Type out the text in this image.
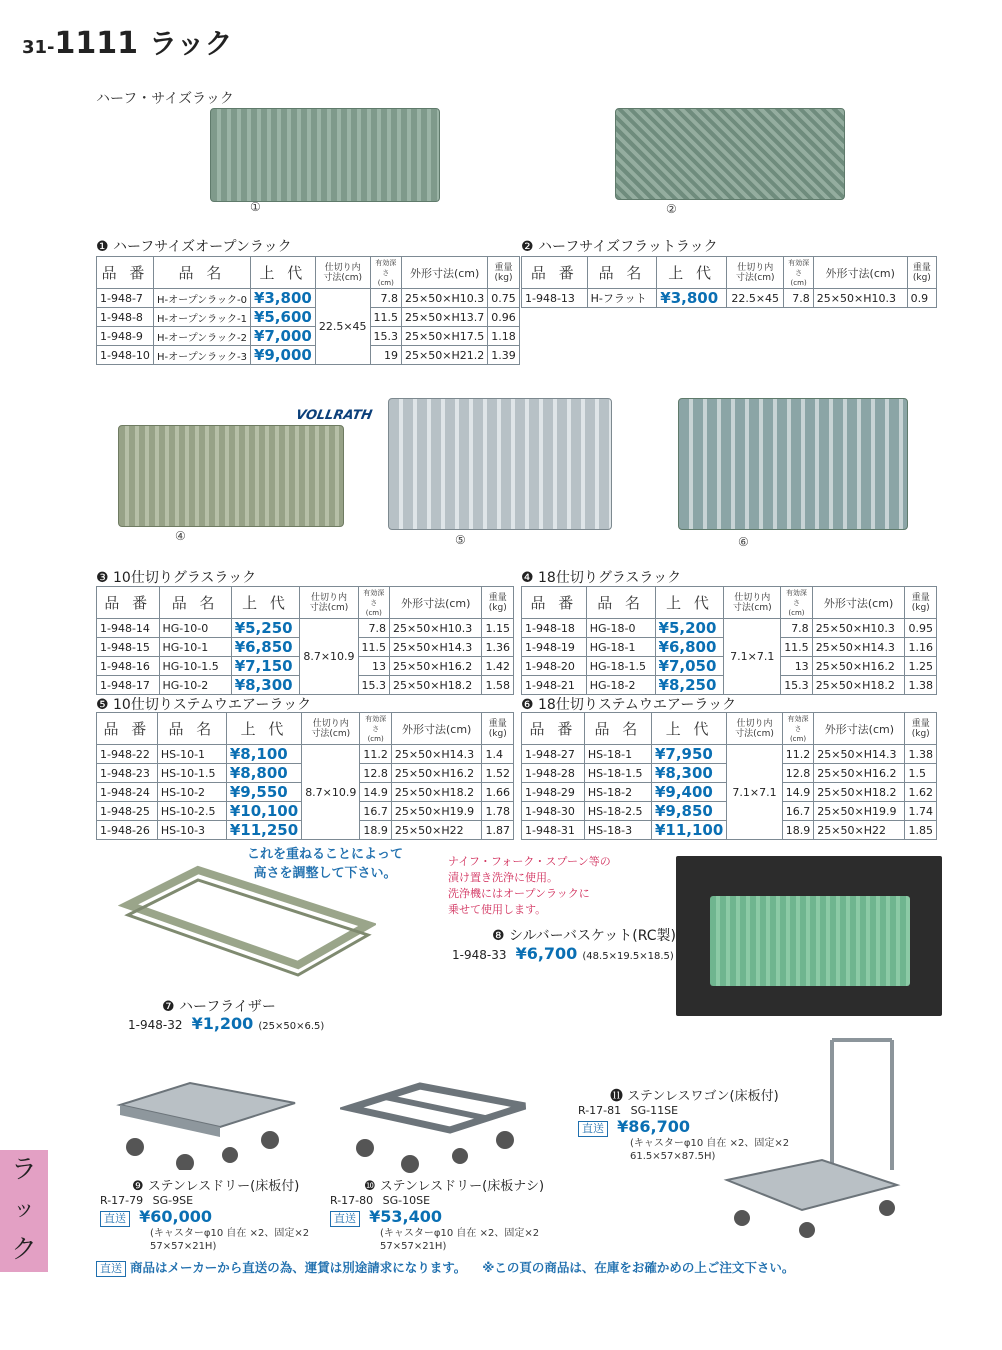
31-1111 ラック
ハーフ・サイズラック
①	②
❶ ハーフサイズオープンラック
品 番	品 名	上 代	仕切り内
寸法(cm)	有効深さ
(cm)	外形寸法(cm)	重量
(kg)
1-948-7	H-オープンラック-0	¥3,800	22.5×45	7.8	25×50×H10.3	0.75
1-948-8	H-オープンラック-1	¥5,600		11.5	25×50×H13.7	0.96
1-948-9	H-オープンラック-2	¥7,000		15.3	25×50×H17.5	1.18
1-948-10	H-オープンラック-3	¥9,000		19	25×50×H21.2	1.39
❷ ハーフサイズフラットラック
品 番	品 名	上 代	仕切り内
寸法(cm)	有効深さ
(cm)	外形寸法(cm)	重量
(kg)
1-948-13	H-フラット	¥3,800	22.5×45	7.8	25×50×H10.3	0.9
VOLLRATH
④	⑤	⑥
❸ 10仕切りグラスラック
品 番	品 名	上 代	仕切り内
寸法(cm)	有効深さ
(cm)	外形寸法(cm)	重量
(kg)
1-948-14	HG-10-0	¥5,250	8.7×10.9	7.8	25×50×H10.3	1.15
1-948-15	HG-10-1	¥6,850		11.5	25×50×H14.3	1.36
1-948-16	HG-10-1.5	¥7,150		13	25×50×H16.2	1.42
1-948-17	HG-10-2	¥8,300		15.3	25×50×H18.2	1.58
❹ 18仕切りグラスラック
品 番	品 名	上 代	仕切り内
寸法(cm)	有効深さ
(cm)	外形寸法(cm)	重量
(kg)
1-948-18	HG-18-0	¥5,200	7.1×7.1	7.8	25×50×H10.3	0.95
1-948-19	HG-18-1	¥6,800		11.5	25×50×H14.3	1.16
1-948-20	HG-18-1.5	¥7,050		13	25×50×H16.2	1.25
1-948-21	HG-18-2	¥8,250		15.3	25×50×H18.2	1.38
❺ 10仕切りステムウエアーラック
品 番	品 名	上 代	仕切り内
寸法(cm)	有効深さ
(cm)	外形寸法(cm)	重量
(kg)
1-948-22	HS-10-1	¥8,100	8.7×10.9	11.2	25×50×H14.3	1.4
1-948-23	HS-10-1.5	¥8,800		12.8	25×50×H16.2	1.52
1-948-24	HS-10-2	¥9,550		14.9	25×50×H18.2	1.66
1-948-25	HS-10-2.5	¥10,100		16.7	25×50×H19.9	1.78
1-948-26	HS-10-3	¥11,250		18.9	25×50×H22	1.87
❻ 18仕切りステムウエアーラック
品 番	品 名	上 代	仕切り内
寸法(cm)	有効深さ
(cm)	外形寸法(cm)	重量
(kg)
1-948-27	HS-18-1	¥7,950	7.1×7.1	11.2	25×50×H14.3	1.38
1-948-28	HS-18-1.5	¥8,300		12.8	25×50×H16.2	1.5
1-948-29	HS-18-2	¥9,400		14.9	25×50×H18.2	1.62
1-948-30	HS-18-2.5	¥9,850		16.7	25×50×H19.9	1.74
1-948-31	HS-18-3	¥11,100		18.9	25×50×H22	1.85
これを重ねることによって
高さを調整して下さい。
ナイフ・フォーク・スプーン等の
漬け置き洗浄に使用。
洗浄機にはオープンラックに
乗せて使用します。
❽ シルバーバスケット(RC製)
1-948-33 ¥6,700 (48.5×19.5×18.5)
❼ ハーフライザー
1-948-32 ¥1,200 (25×50×6.5)
❾ ステンレスドリー(床板付)
R-17-79 SG-9SE
直送 ¥60,000
(キャスターφ10 自在 ×2、固定×2
57×57×21H)
❿ ステンレスドリー(床板ナシ)
R-17-80 SG-10SE
直送 ¥53,400
(キャスターφ10 自在 ×2、固定×2
57×57×21H)
⓫ ステンレスワゴン(床板付)
R-17-81 SG-11SE
直送 ¥86,700
(キャスターφ10 自在 ×2、固定×2
61.5×57×87.5H)
ラ
ッ
ク
直送 商品はメーカーから直送の為、運賃は別途請求になります。 ※この頁の商品は、在庫をお確かめの上ご注文下さい。
